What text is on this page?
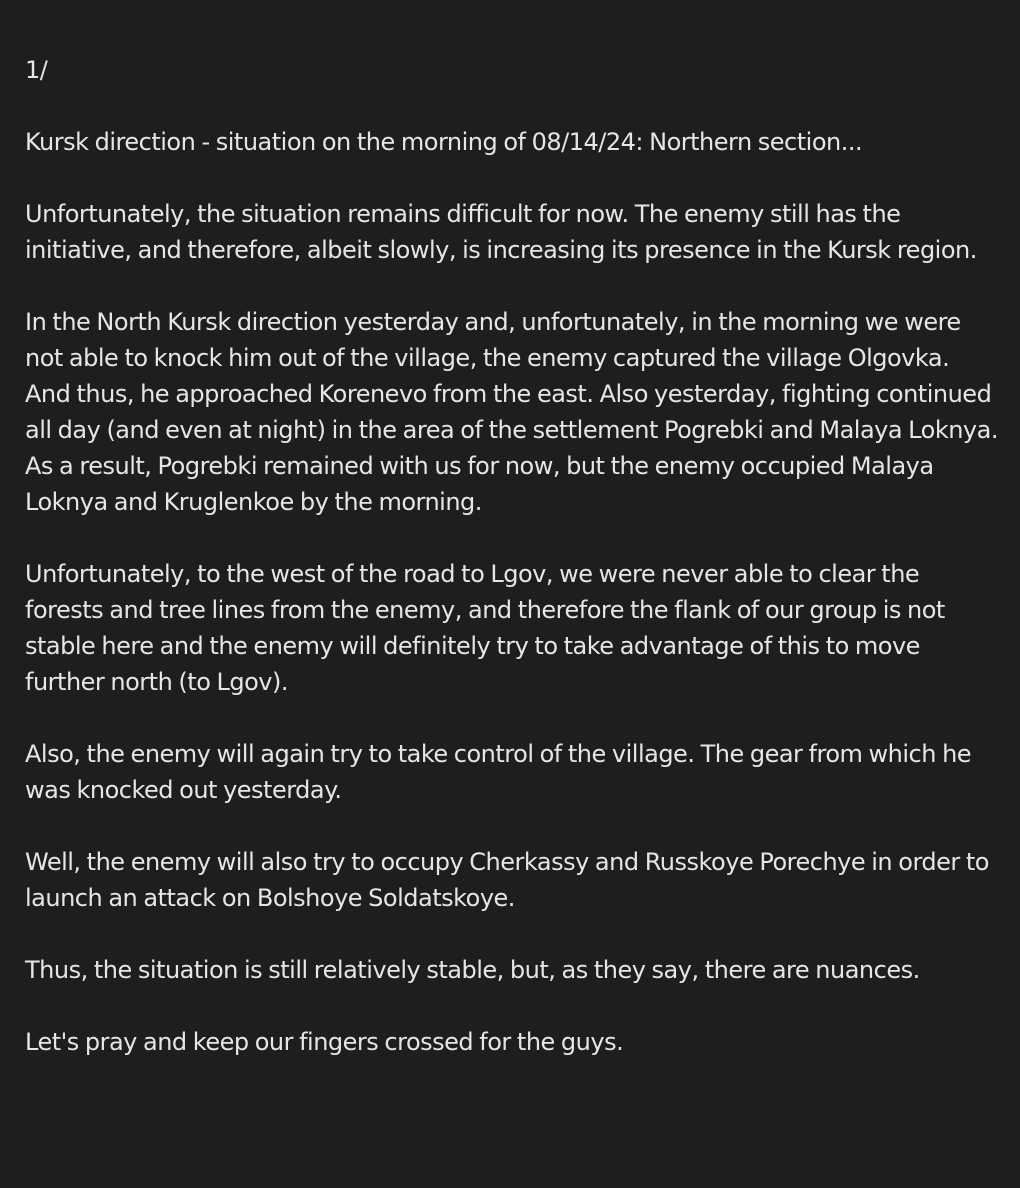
1/

Kursk direction - situation on the morning of 08/14/24: Northern section...

Unfortunately, the situation remains difficult for now. The enemy still has the initiative, and therefore, albeit slowly, is increasing its presence in the Kursk region.

In the North Kursk direction yesterday and, unfortunately, in the morning we were not able to knock him out of the village, the enemy captured the village Olgovka. And thus, he approached Korenevo from the east. Also yesterday, fighting continued all day (and even at night) in the area of the settlement Pogrebki and Malaya Loknya. As a result, Pogrebki remained with us for now, but the enemy occupied Malaya Loknya and Kruglenkoe by the morning.

Unfortunately, to the west of the road to Lgov, we were never able to clear the forests and tree lines from the enemy, and therefore the flank of our group is not stable here and the enemy will definitely try to take advantage of this to move further north (to Lgov).

Also, the enemy will again try to take control of the village. The gear from which he was knocked out yesterday.

Well, the enemy will also try to occupy Cherkassy and Russkoye Porechye in order to launch an attack on Bolshoye Soldatskoye.

Thus, the situation is still relatively stable, but, as they say, there are nuances.

Let's pray and keep our fingers crossed for the guys.
